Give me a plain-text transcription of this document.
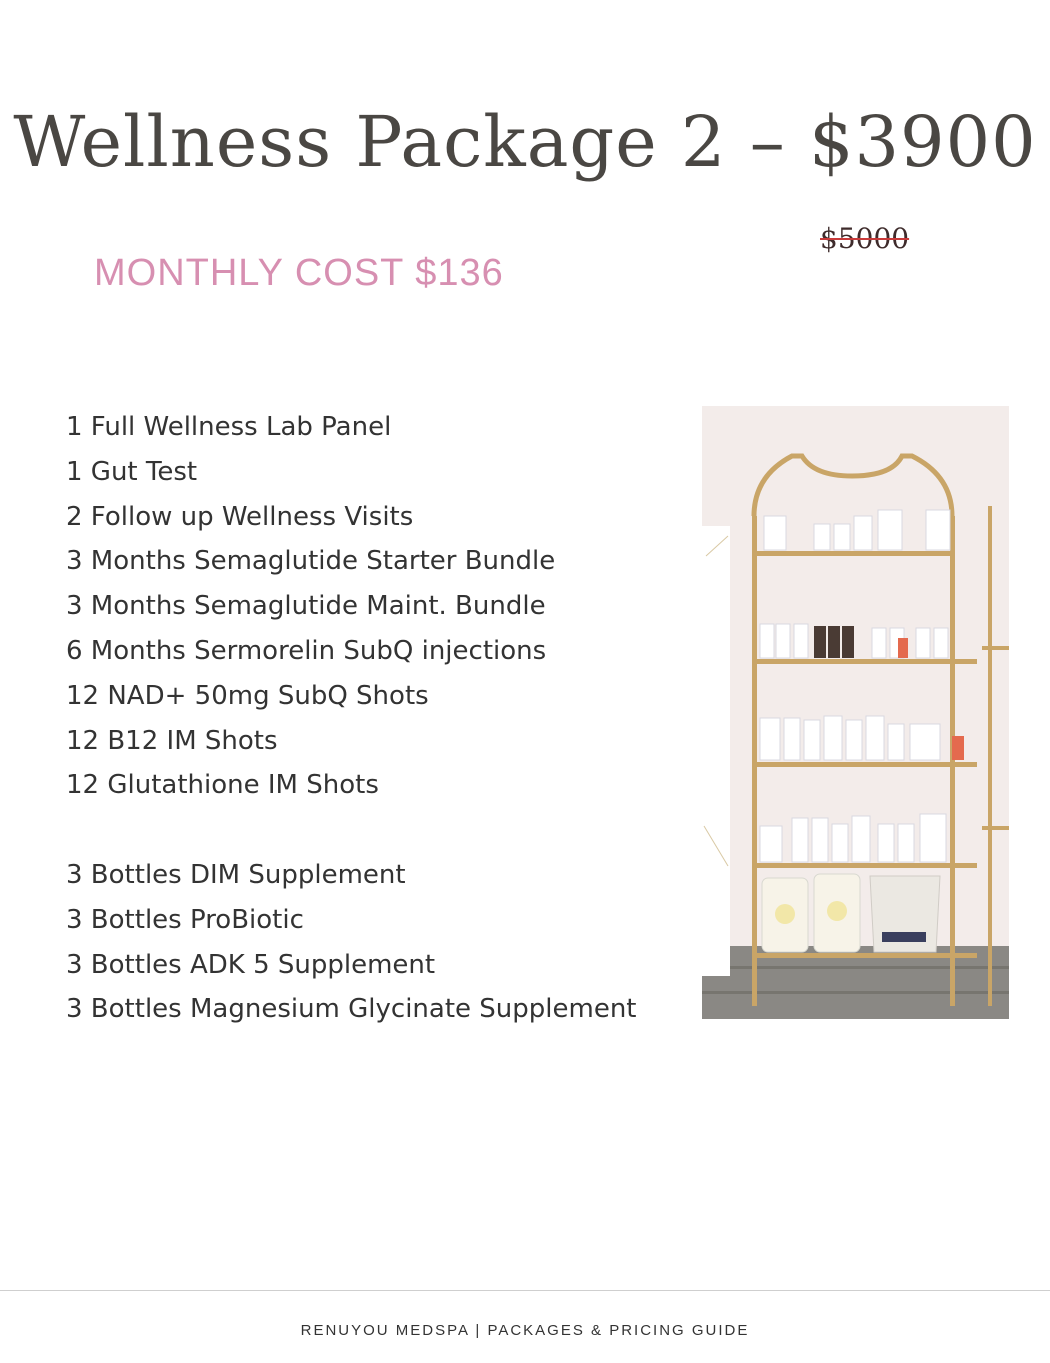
Wellness Package 2 – $3900
$5000
MONTHLY COST $136
1 Full Wellness Lab Panel
1 Gut Test
2 Follow up Wellness Visits
3 Months Semaglutide Starter Bundle
3 Months Semaglutide Maint. Bundle
6 Months Sermorelin SubQ injections
12 NAD+ 50mg SubQ Shots
12 B12 IM Shots
12 Glutathione IM Shots
3 Bottles DIM Supplement
3 Bottles ProBiotic
3 Bottles ADK 5 Supplement
3 Bottles Magnesium Glycinate Supplement
RENUYOU MEDSPA | PACKAGES & PRICING GUIDE
